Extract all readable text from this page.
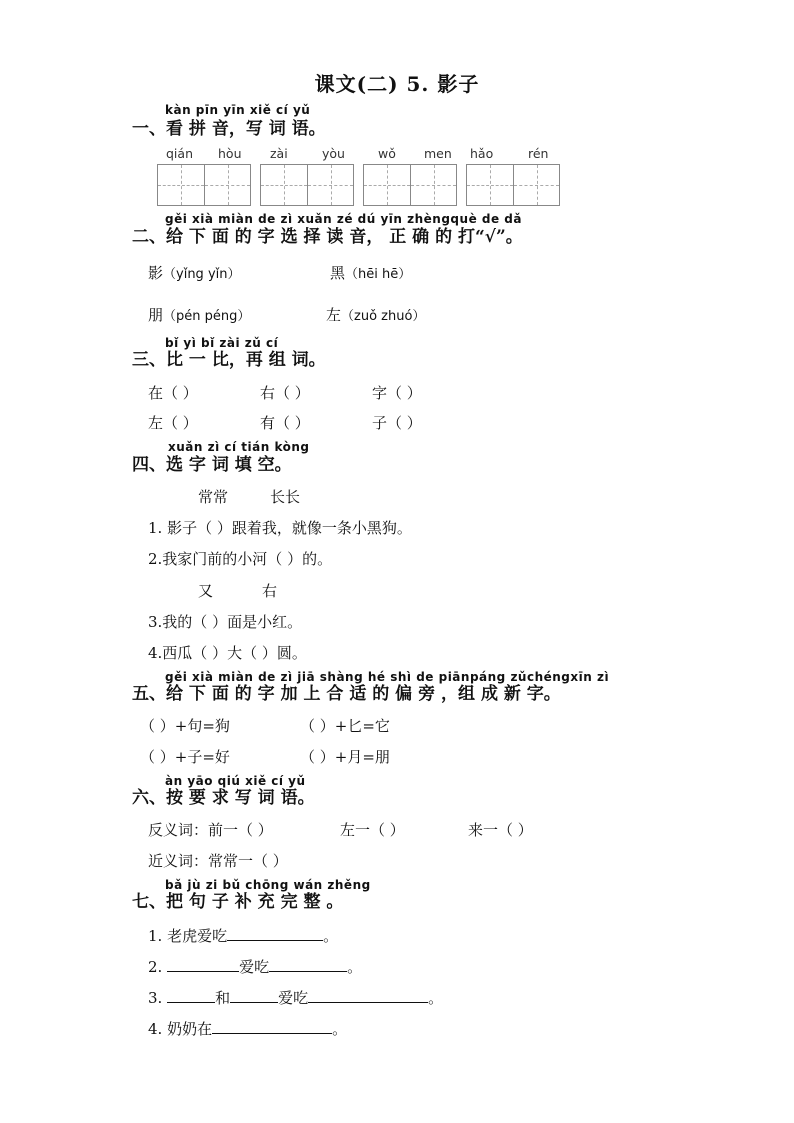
课文(二) 5. 影子
kàn pīn yīn xiě cí yǔ
一、看 拼 音，写 词 语。
qián hòu zài	yòu	wǒ men hǎo	rén
gěi xià miàn de zì xuǎn zé dú yīn zhèngquè de dǎ
二、给 下 面 的 字 选 择 读 音， 正 确 的 打“√”。
影（yǐng yǐn）	黑（hēi hē）
朋（pén péng）	左（zuǒ zhuó）
bǐ yì bǐ zài zǔ cí
三、比 一 比，再 组 词。
在（ ）	右（ ）	字（ ）
左（ ）	有（ ）	子（ ）
xuǎn zì cí tián kòng
四、选 字 词 填 空。
常常	长长
1. 影子（ ）跟着我，就像一条小黑狗。
2.我家门前的小河（ ）的。
又	右
3.我的（ ）面是小红。
4.西瓜（ ）大（ ）圆。
gěi xià miàn de zì jiā shàng hé shì de piānpáng zǔchéngxīn zì
五、给 下 面 的 字 加 上 合 适 的 偏 旁 ，组 成 新 字。
（ ）+句=狗	（ ）+匕=它
（ ）+子=好	（ ）+月=朋
àn yāo qiú xiě cí yǔ
六、按 要 求 写 词 语。
反义词：前一（ ）	左一（ ）	来一（ ）
近义词：常常一（ ）
bǎ jù zi bǔ chōng wán zhěng
七、把 句 子 补 充 完 整 。
1. 老虎爱吃	。
2.	爱吃	。
3.	和	爱吃	。
4. 奶奶在	。
